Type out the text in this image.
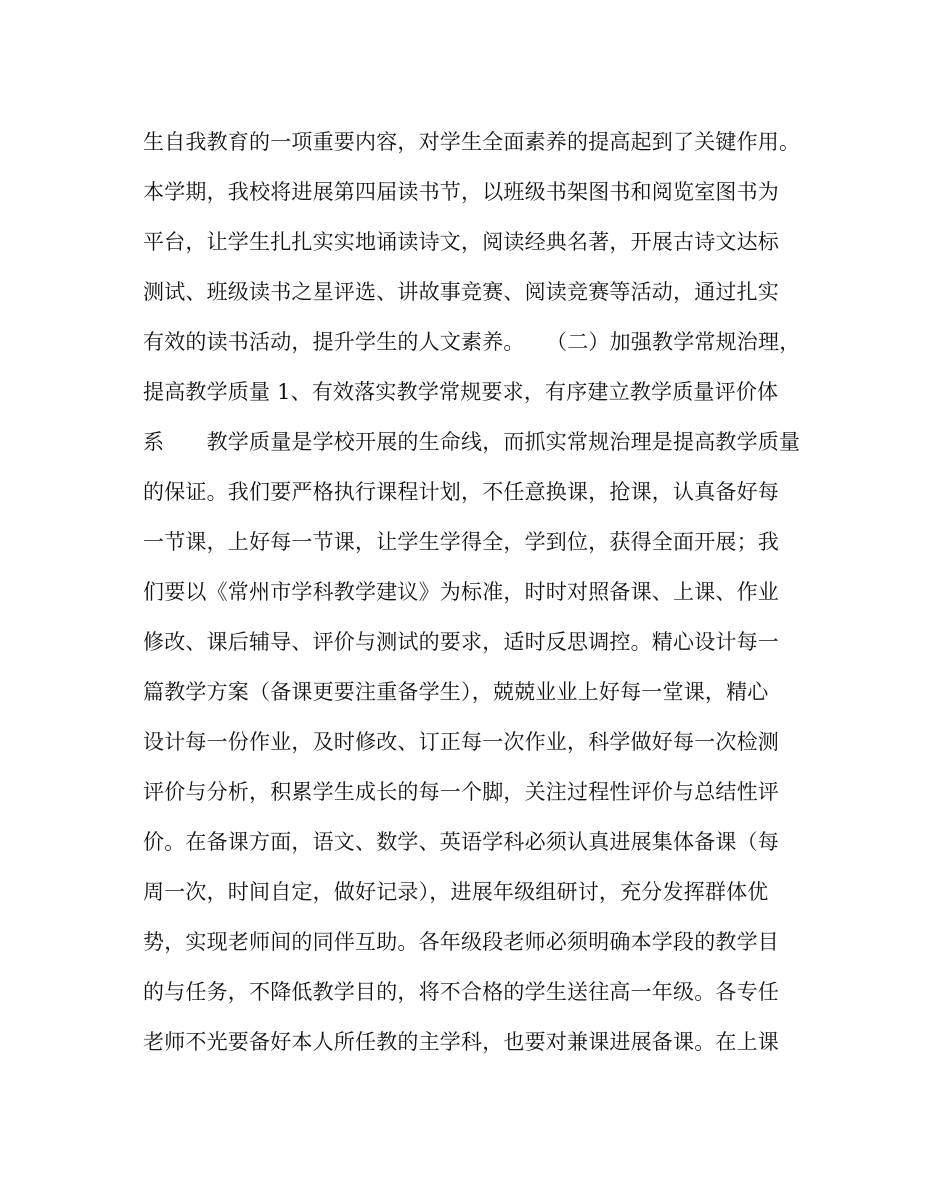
生自我教育的一项重要内容，对学生全面素养的提高起到了关键作用。
本学期，我校将进展第四届读书节，以班级书架图书和阅览室图书为
平台，让学生扎扎实实地诵读诗文，阅读经典名著，开展古诗文达标
测试、班级读书之星评选、讲故事竞赛、阅读竞赛等活动，通过扎实
有效的读书活动，提升学生的人文素养。　　（二）加强教学常规治理，
提高教学质量 1、有效落实教学常规要求，有序建立教学质量评价体
系　　教学质量是学校开展的生命线，而抓实常规治理是提高教学质量
的保证。我们要严格执行课程计划，不任意换课，抢课，认真备好每
一节课，上好每一节课，让学生学得全，学到位，获得全面开展；我
们要以《常州市学科教学建议》为标准，时时对照备课、上课、作业
修改、课后辅导、评价与测试的要求，适时反思调控。精心设计每一
篇教学方案（备课更要注重备学生），兢兢业业上好每一堂课，精心
设计每一份作业，及时修改、订正每一次作业，科学做好每一次检测
评价与分析，积累学生成长的每一个脚，关注过程性评价与总结性评
价。在备课方面，语文、数学、英语学科必须认真进展集体备课（每
周一次，时间自定，做好记录），进展年级组研讨，充分发挥群体优
势，实现老师间的同伴互助。各年级段老师必须明确本学段的教学目
的与任务，不降低教学目的，将不合格的学生送往高一年级。各专任
老师不光要备好本人所任教的主学科，也要对兼课进展备课。在上课
